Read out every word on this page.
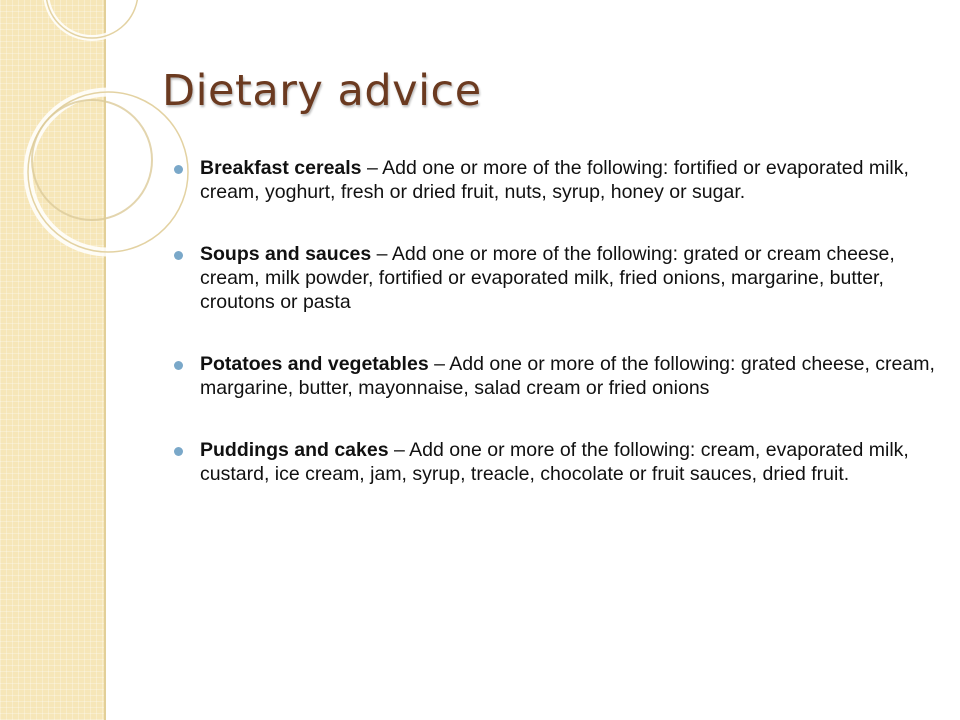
Dietary advice
Breakfast cereals – Add one or more of the following: fortified or evaporated milk, cream, yoghurt, fresh or dried fruit, nuts, syrup, honey or sugar.
Soups and sauces – Add one or more of the following: grated or cream cheese, cream, milk powder, fortified or evaporated milk, fried onions, margarine, butter, croutons or pasta
Potatoes and vegetables – Add one or more of the following: grated cheese, cream, margarine, butter, mayonnaise, salad cream or fried onions
Puddings and cakes – Add one or more of the following: cream, evaporated milk, custard, ice cream, jam, syrup, treacle, chocolate or fruit sauces, dried fruit.
